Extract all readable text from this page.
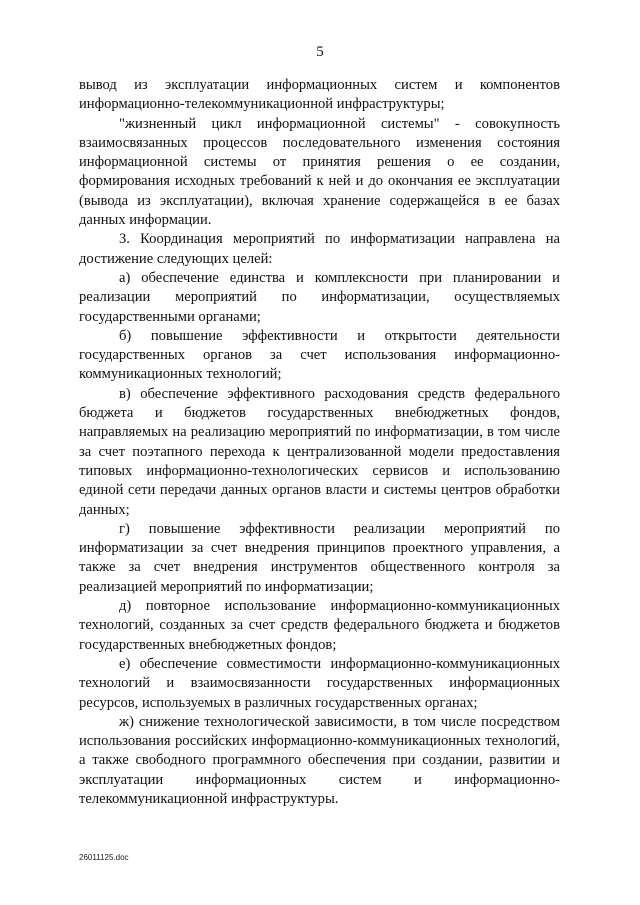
5

вывод из эксплуатации информационных систем и компонентов информационно-телекоммуникационной инфраструктуры;

"жизненный цикл информационной системы" - совокупность взаимосвязанных процессов последовательного изменения состояния информационной системы от принятия решения о ее создании, формирования исходных требований к ней и до окончания ее эксплуатации (вывода из эксплуатации), включая хранение содержащейся в ее базах данных информации.

3. Координация мероприятий по информатизации направлена на достижение следующих целей:

а) обеспечение единства и комплексности при планировании и реализации мероприятий по информатизации, осуществляемых государственными органами;

б) повышение эффективности и открытости деятельности государственных органов за счет использования информационно-коммуникационных технологий;

в) обеспечение эффективного расходования средств федерального бюджета и бюджетов государственных внебюджетных фондов, направляемых на реализацию мероприятий по информатизации, в том числе за счет поэтапного перехода к централизованной модели предоставления типовых информационно-технологических сервисов и использованию единой сети передачи данных органов власти и системы центров обработки данных;

г) повышение эффективности реализации мероприятий по информатизации за счет внедрения принципов проектного управления, а также за счет внедрения инструментов общественного контроля за реализацией мероприятий по информатизации;

д) повторное использование информационно-коммуникационных технологий, созданных за счет средств федерального бюджета и бюджетов государственных внебюджетных фондов;

е) обеспечение совместимости информационно-коммуникационных технологий и взаимосвязанности государственных информационных ресурсов, используемых в различных государственных органах;

ж) снижение технологической зависимости, в том числе посредством использования российских информационно-коммуникационных технологий, а также свободного программного обеспечения при создании, развитии и эксплуатации информационных систем и информационно-телекоммуникационной инфраструктуры.

26011125.doc
